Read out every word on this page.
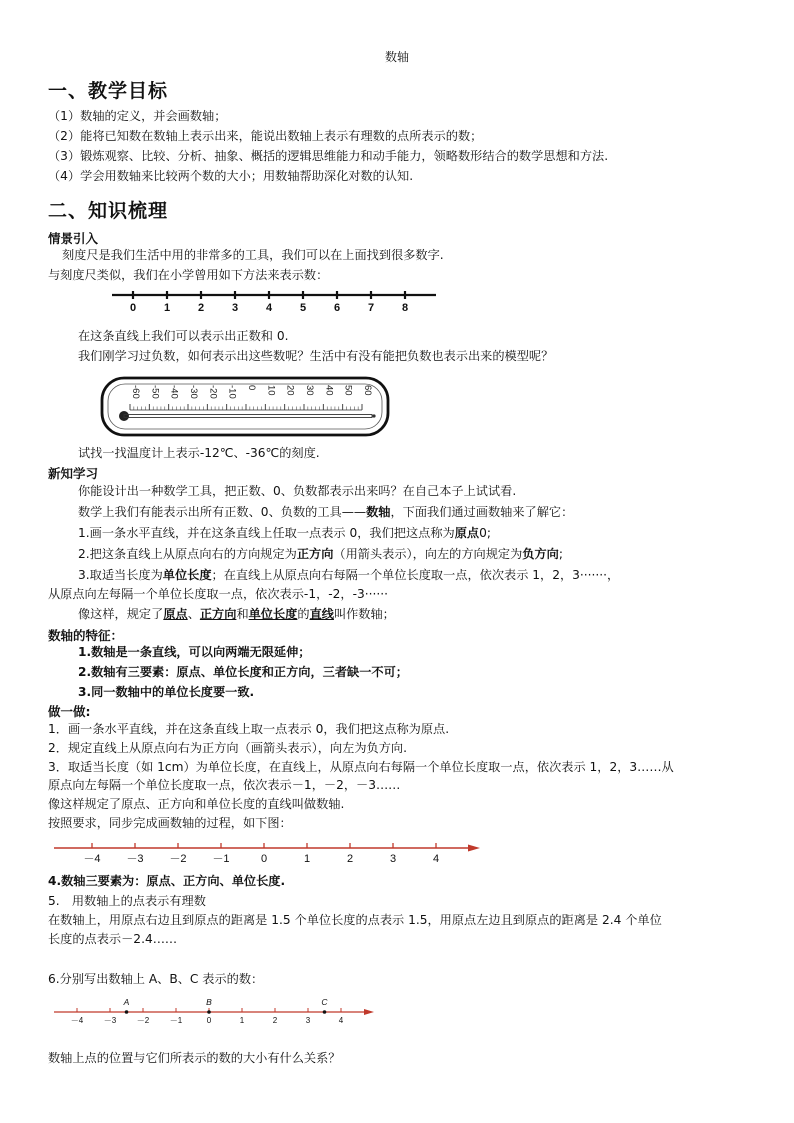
数轴
一、教学目标
（1）数轴的定义，并会画数轴；
（2）能将已知数在数轴上表示出来，能说出数轴上表示有理数的点所表示的数；
（3）锻炼观察、比较、分析、抽象、概括的逻辑思维能力和动手能力，领略数形结合的数学思想和方法.
（4）学会用数轴来比较两个数的大小；用数轴帮助深化对数的认知.
二、知识梳理
情景引入
刻度尺是我们生活中用的非常多的工具，我们可以在上面找到很多数字.
与刻度尺类似，我们在小学曾用如下方法来表示数：
0	1	2	3	4	5	6	7	8
在这条直线上我们可以表示出正数和 0.
我们刚学习过负数，如何表示出这些数呢？生活中有没有能把负数也表示出来的模型呢？
-60 -50 -40 -30 -20 -10 0 10 20 30 40 50 60
试找一找温度计上表示-12℃、-36℃的刻度.
新知学习
你能设计出一种数学工具，把正数、0、负数都表示出来吗？在自己本子上试试看.
数学上我们有能表示出所有正数、0、负数的工具——数轴，下面我们通过画数轴来了解它：
1.画一条水平直线，并在这条直线上任取一点表示 0，我们把这点称为原点0;
2.把这条直线上从原点向右的方向规定为正方向（用箭头表示），向左的方向规定为负方向;
3.取适当长度为单位长度；在直线上从原点向右每隔一个单位长度取一点，依次表示 1，2，3·······，
从原点向左每隔一个单位长度取一点，依次表示-1，-2，-3······
像这样，规定了原点、正方向和单位长度的直线叫作数轴；
数轴的特征：
1.数轴是一条直线，可以向两端无限延伸；
2.数轴有三要素：原点、单位长度和正方向，三者缺一不可；
3.同一数轴中的单位长度要一致.
做一做:
1．画一条水平直线，并在这条直线上取一点表示 0，我们把这点称为原点.
2．规定直线上从原点向右为正方向（画箭头表示），向左为负方向.
3．取适当长度（如 1cm）为单位长度，在直线上，从原点向右每隔一个单位长度取一点，依次表示 1，2，3……从
原点向左每隔一个单位长度取一点，依次表示－1，－2，－3……
像这样规定了原点、正方向和单位长度的直线叫做数轴.
按照要求，同步完成画数轴的过程，如下图：
－4 －3 －2 －1	0	1	2	3	4
4.数轴三要素为：原点、正方向、单位长度.
5.　用数轴上的点表示有理数
在数轴上，用原点右边且到原点的距离是 1.5 个单位长度的点表示 1.5，用原点左边且到原点的距离是 2.4 个单位
长度的点表示－2.4……
6.分别写出数轴上 A、B、C 表示的数：
－4	－3	－2	－1	0	1	2	3	4
A	B	C
数轴上点的位置与它们所表示的数的大小有什么关系？
